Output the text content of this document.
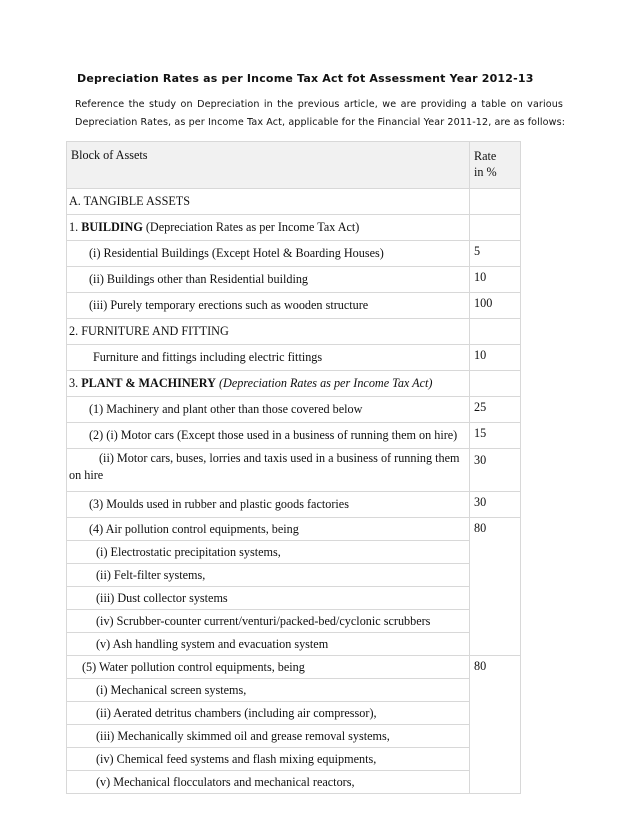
Depreciation Rates as per Income Tax Act fot Assessment Year 2012-13
Reference the study on Depreciation in the previous article, we are providing a table on various
Depreciation Rates, as per Income Tax Act, applicable for the Financial Year 2011-12, are as follows:
Block of Assets	Rate
in %
A. TANGIBLE ASSETS	
1. BUILDING (Depreciation Rates as per Income Tax Act)	
(i) Residential Buildings (Except Hotel & Boarding Houses)	5
(ii) Buildings other than Residential building	10
(iii) Purely temporary erections such as wooden structure	100
2. FURNITURE AND FITTING	
Furniture and fittings including electric fittings	10
3. PLANT & MACHINERY (Depreciation Rates as per Income Tax Act)	
(1) Machinery and plant other than those covered below	25
(2) (i) Motor cars (Except those used in a business of running them on hire)	15
(ii) Motor cars, buses, lorries and taxis used in a business of running them
on hire	30
(3) Moulds used in rubber and plastic goods factories	30
(4) Air pollution control equipments, being	80
(i) Electrostatic precipitation systems,	
(ii) Felt-filter systems,	
(iii) Dust collector systems	
(iv) Scrubber-counter current/venturi/packed-bed/cyclonic scrubbers	
(v) Ash handling system and evacuation system	
(5) Water pollution control equipments, being	80
(i) Mechanical screen systems,	
(ii) Aerated detritus chambers (including air compressor),	
(iii) Mechanically skimmed oil and grease removal systems,	
(iv) Chemical feed systems and flash mixing equipments,	
(v) Mechanical flocculators and mechanical reactors,	
